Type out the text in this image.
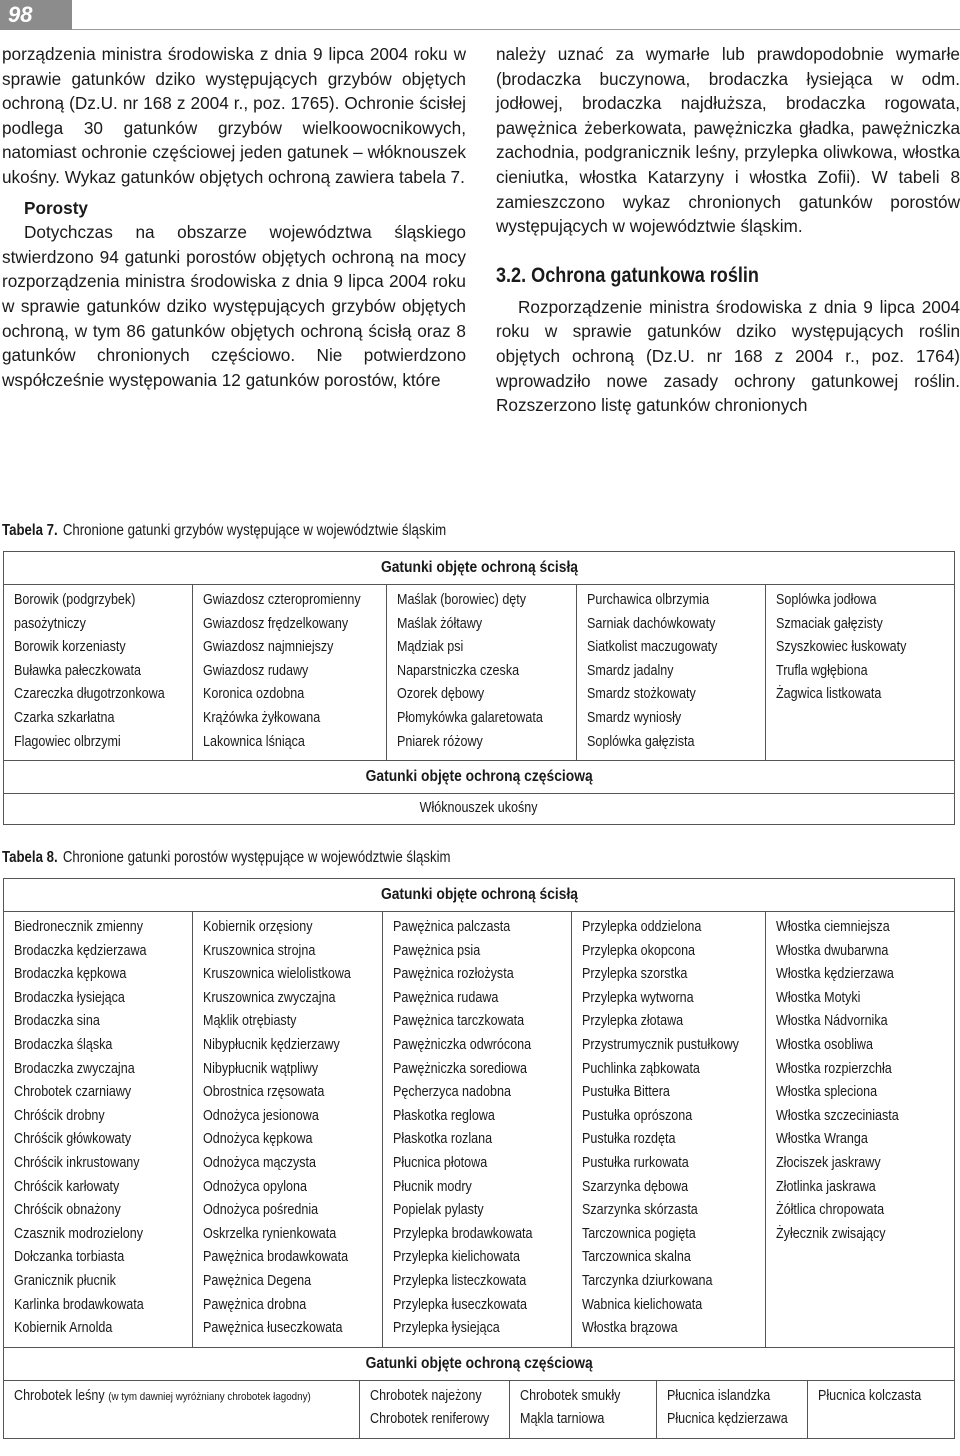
98

porządzenia ministra środowiska z dnia 9 lipca 2004 roku w sprawie gatunków dziko występujących grzybów objętych ochroną (Dz.U. nr 168 z 2004 r., poz. 1765). Ochronie ścisłej podlega 30 gatunków grzybów wielkoowocnikowych, natomiast ochronie częściowej jeden gatunek – włóknouszek ukośny. Wykaz gatunków objętych ochroną zawiera tabela 7.

Porosty

Dotychczas na obszarze województwa śląskiego stwierdzono 94 gatunki porostów objętych ochroną na mocy rozporządzenia ministra środowiska z dnia 9 lipca 2004 roku w sprawie gatunków dziko występujących grzybów objętych ochroną, w tym 86 gatunków objętych ochroną ścisłą oraz 8 gatunków chronionych częściowo. Nie potwierdzono współcześnie występowania 12 gatunków porostów, które

należy uznać za wymarłe lub prawdopodobnie wymarłe (brodaczka buczynowa, brodaczka łysiejąca w odm. jodłowej, brodaczka najdłuższa, brodaczka rogowata, pawężnica żeberkowata, pawężniczka gładka, pawężniczka zachodnia, podgranicznik leśny, przylepka oliwkowa, włostka cieniutka, włostka Katarzyny i włostka Zofii). W tabeli 8 zamieszczono wykaz chronionych gatunków porostów występujących w województwie śląskim.

3.2. Ochrona gatunkowa roślin

Rozporządzenie ministra środowiska z dnia 9 lipca 2004 roku w sprawie gatunków dziko występujących roślin objętych ochroną (Dz.U. nr 168 z 2004 r., poz. 1764) wprowadziło nowe zasady ochrony gatunkowej roślin. Rozszerzono listę gatunków chronionych

Tabela 7. Chronione gatunki grzybów występujące w województwie śląskim
Gatunki objęte ochroną ścisłą
Borowik (podgrzybek)
pasożytniczy
Borowik korzeniasty
Buławka pałeczkowata
Czareczka długotrzonkowa
Czarka szkarłatna
Flagowiec olbrzymi
Gwiazdosz czteropromienny
Gwiazdosz frędzelkowany
Gwiazdosz najmniejszy
Gwiazdosz rudawy
Koronica ozdobna
Krążówka żyłkowana
Lakownica lśniąca
Maślak (borowiec) dęty
Maślak żółtawy
Mądziak psi
Naparstniczka czeska
Ozorek dębowy
Płomykówka galaretowata
Pniarek różowy
Purchawica olbrzymia
Sarniak dachówkowaty
Siatkolist maczugowaty
Smardz jadalny
Smardz stożkowaty
Smardz wyniosły
Soplówka gałęzista
Soplówka jodłowa
Szmaciak gałęzisty
Szyszkowiec łuskowaty
Trufla wgłębiona
Żagwica listkowata
Gatunki objęte ochroną częściową
Włóknouszek ukośny
Tabela 8. Chronione gatunki porostów występujące w województwie śląskim
Gatunki objęte ochroną ścisłą
Biedronecznik zmienny
Brodaczka kędzierzawa
Brodaczka kępkowa
Brodaczka łysiejąca
Brodaczka sina
Brodaczka śląska
Brodaczka zwyczajna
Chrobotek czarniawy
Chróścik drobny
Chróścik główkowaty
Chróścik inkrustowany
Chróścik karłowaty
Chróścik obnażony
Czasznik modrozielony
Dołczanka torbiasta
Granicznik płucnik
Karlinka brodawkowata
Kobiernik Arnolda
Kobiernik orzęsiony
Kruszownica strojna
Kruszownica wielolistkowa
Kruszownica zwyczajna
Mąklik otrębiasty
Nibypłucnik kędzierzawy
Nibypłucnik wątpliwy
Obrostnica rzęsowata
Odnożyca jesionowa
Odnożyca kępkowa
Odnożyca mączysta
Odnożyca opylona
Odnożyca pośrednia
Oskrzelka rynienkowata
Pawężnica brodawkowata
Pawężnica Degena
Pawężnica drobna
Pawężnica łuseczkowata
Pawężnica palczasta
Pawężnica psia
Pawężnica rozłożysta
Pawężnica rudawa
Pawężnica tarczkowata
Pawężniczka odwrócona
Pawężniczka sorediowa
Pęcherzyca nadobna
Płaskotka reglowa
Płaskotka rozlana
Płucnica płotowa
Płucnik modry
Popielak pylasty
Przylepka brodawkowata
Przylepka kielichowata
Przylepka listeczkowata
Przylepka łuseczkowata
Przylepka łysiejąca
Przylepka oddzielona
Przylepka okopcona
Przylepka szorstka
Przylepka wytworna
Przylepka złotawa
Przystrumycznik pustułkowy
Puchlinka ząbkowata
Pustułka Bittera
Pustułka oprószona
Pustułka rozdęta
Pustułka rurkowata
Szarzynka dębowa
Szarzynka skórzasta
Tarczownica pogięta
Tarczownica skalna
Tarczynka dziurkowana
Wabnica kielichowata
Włostka brązowa
Włostka ciemniejsza
Włostka dwubarwna
Włostka kędzierzawa
Włostka Motyki
Włostka Nádvornika
Włostka osobliwa
Włostka rozpierzchła
Włostka spleciona
Włostka szczeciniasta
Włostka Wranga
Złociszek jaskrawy
Złotlinka jaskrawa
Żółtlica chropowata
Żyłecznik zwisający
Gatunki objęte ochroną częściową
Chrobotek leśny (w tym dawniej wyróżniany chrobotek łagodny)	Chrobotek najeżony
Chrobotek reniferowy
Chrobotek smukły
Mąkla tarniowa
Płucnica islandzka
Płucnica kędzierzawa
Płucnica kolczasta
